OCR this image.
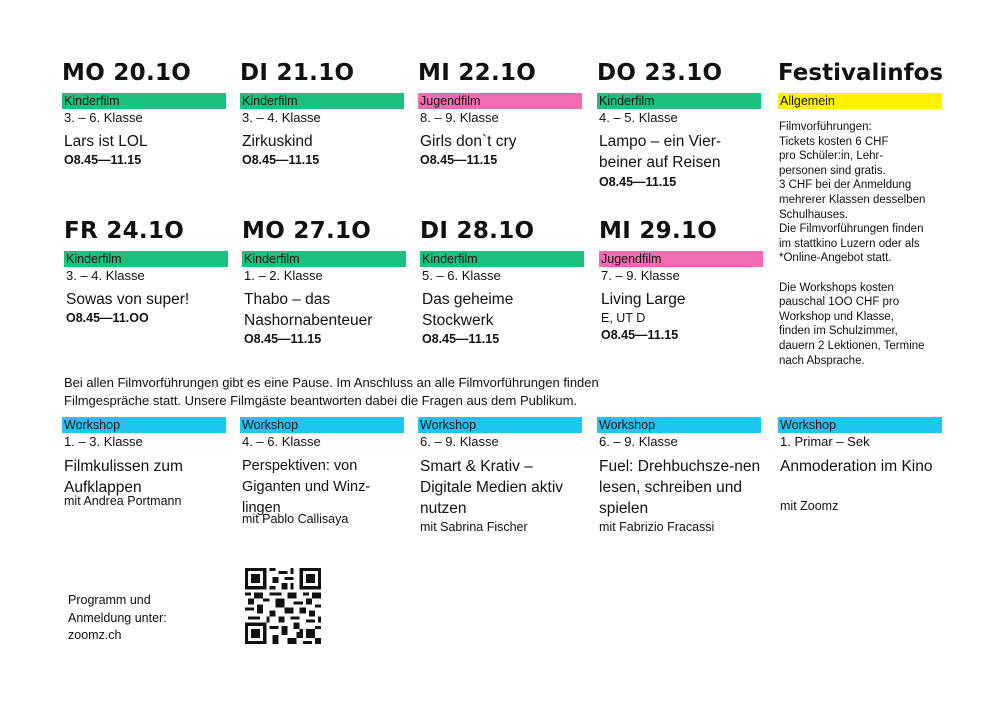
MO 20.1O
Kinderfilm
3. – 6. Klasse
Lars ist LOL
O8.45—11.15
DI 21.1O
Kinderfilm
3. – 4. Klasse
Zirkuskind
O8.45—11.15
MI 22.1O
Jugendfilm
8. – 9. Klasse
Girls don`t cry
O8.45—11.15
DO 23.1O
Kinderfilm
4. – 5. Klasse
Lampo – ein Vier-beiner auf Reisen
O8.45—11.15
Festivalinfos
Allgemein
Filmvorführungen:
Tickets kosten 6 CHF
pro Schüler:in, Lehr-
personen sind gratis.
3 CHF bei der Anmeldung
mehrerer Klassen desselben
Schulhauses.
Die Filmvorführungen finden
im stattkino Luzern oder als
*Online-Angebot statt.

Die Workshops kosten
pauschal 1OO CHF pro
Workshop und Klasse,
finden im Schulzimmer,
dauern 2 Lektionen, Termine
nach Absprache.
FR 24.1O
Kinderfilm
3. – 4. Klasse
Sowas von super!
O8.45—11.OO
MO 27.1O
Kinderfilm
1. – 2. Klasse
Thabo – das Nashornabenteuer
O8.45—11.15
DI 28.1O
Kinderfilm
5. – 6. Klasse
Das geheime Stockwerk
O8.45—11.15
MI 29.1O
Jugendfilm
7. – 9. Klasse
Living Large
E, UT D
O8.45—11.15
Bei allen Filmvorführungen gibt es eine Pause. Im Anschluss an alle Filmvorführungen finden
Filmgespräche statt. Unsere Filmgäste beantworten dabei die Fragen aus dem Publikum.
Workshop
1. – 3. Klasse
Filmkulissen zum Aufklappen
mit Andrea Portmann
Workshop
4. – 6. Klasse
Perspektiven: von Giganten und Winz-lingen
mit Pablo Callisaya
Workshop
6. – 9. Klasse
Smart & Krativ – Digitale Medien aktiv nutzen
mit Sabrina Fischer
Workshop
6. – 9. Klasse
Fuel: Drehbuchsze-nen lesen, schreiben und spielen
mit Fabrizio Fracassi
Workshop
1. Primar – Sek
Anmoderation im Kino
mit Zoomz
Programm und
Anmeldung unter:
zoomz.ch
